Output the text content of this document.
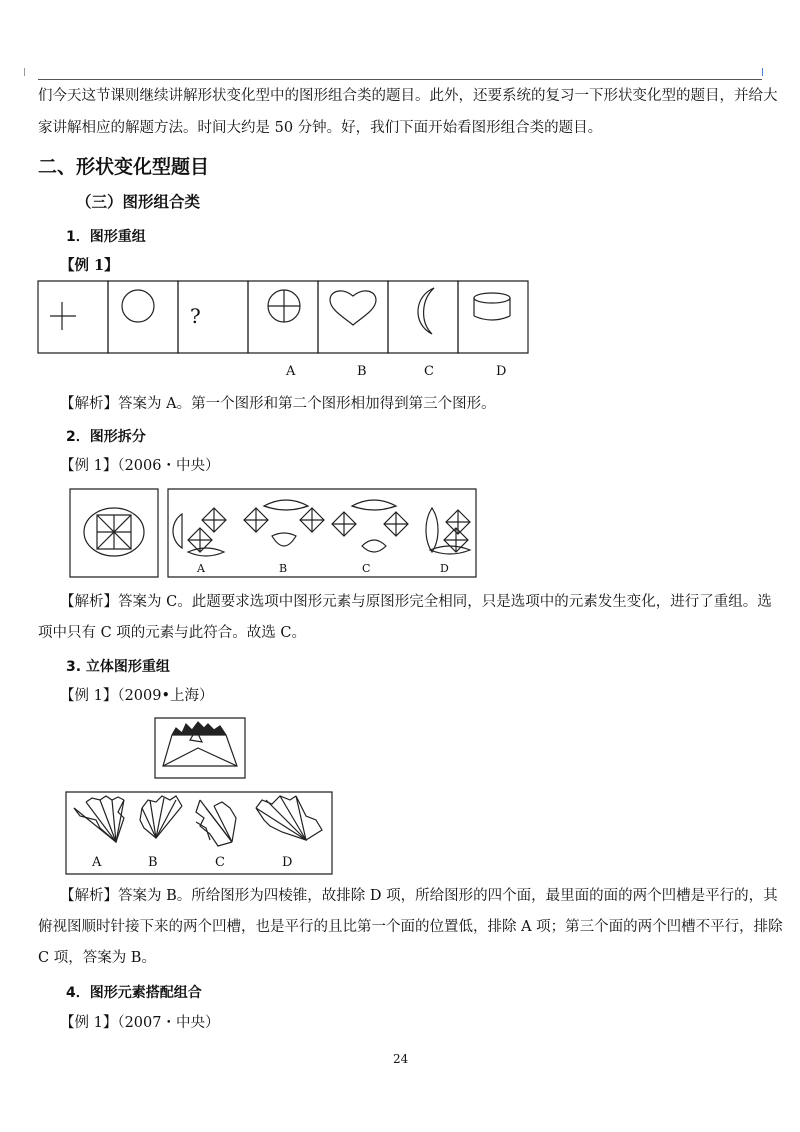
们今天这节课则继续讲解形状变化型中的图形组合类的题目。此外，还要系统的复习一下形状变化型的题目，并给大
家讲解相应的解题方法。时间大约是 50 分钟。好，我们下面开始看图形组合类的题目。
二、形状变化型题目
（三）图形组合类
1．图形重组
【例 1】
?
A	B	C	D
【解析】答案为 A。第一个图形和第二个图形相加得到第三个图形。
2．图形拆分
【例 1】（2006・中央）
A	B	C	D
【解析】答案为 C。此题要求选项中图形元素与原图形完全相同，只是选项中的元素发生变化，进行了重组。选
项中只有 C 项的元素与此符合。故选 C。
3. 立体图形重组
【例 1】（2009•上海）
A	B	C	D
【解析】答案为 B。所给图形为四棱锥，故排除 D 项，所给图形的四个面，最里面的面的两个凹槽是平行的，其
俯视图顺时针接下来的两个凹槽，也是平行的且比第一个面的位置低，排除 A 项；第三个面的两个凹槽不平行，排除
C 项，答案为 B。
4．图形元素搭配组合
【例 1】（2007・中央）
24
